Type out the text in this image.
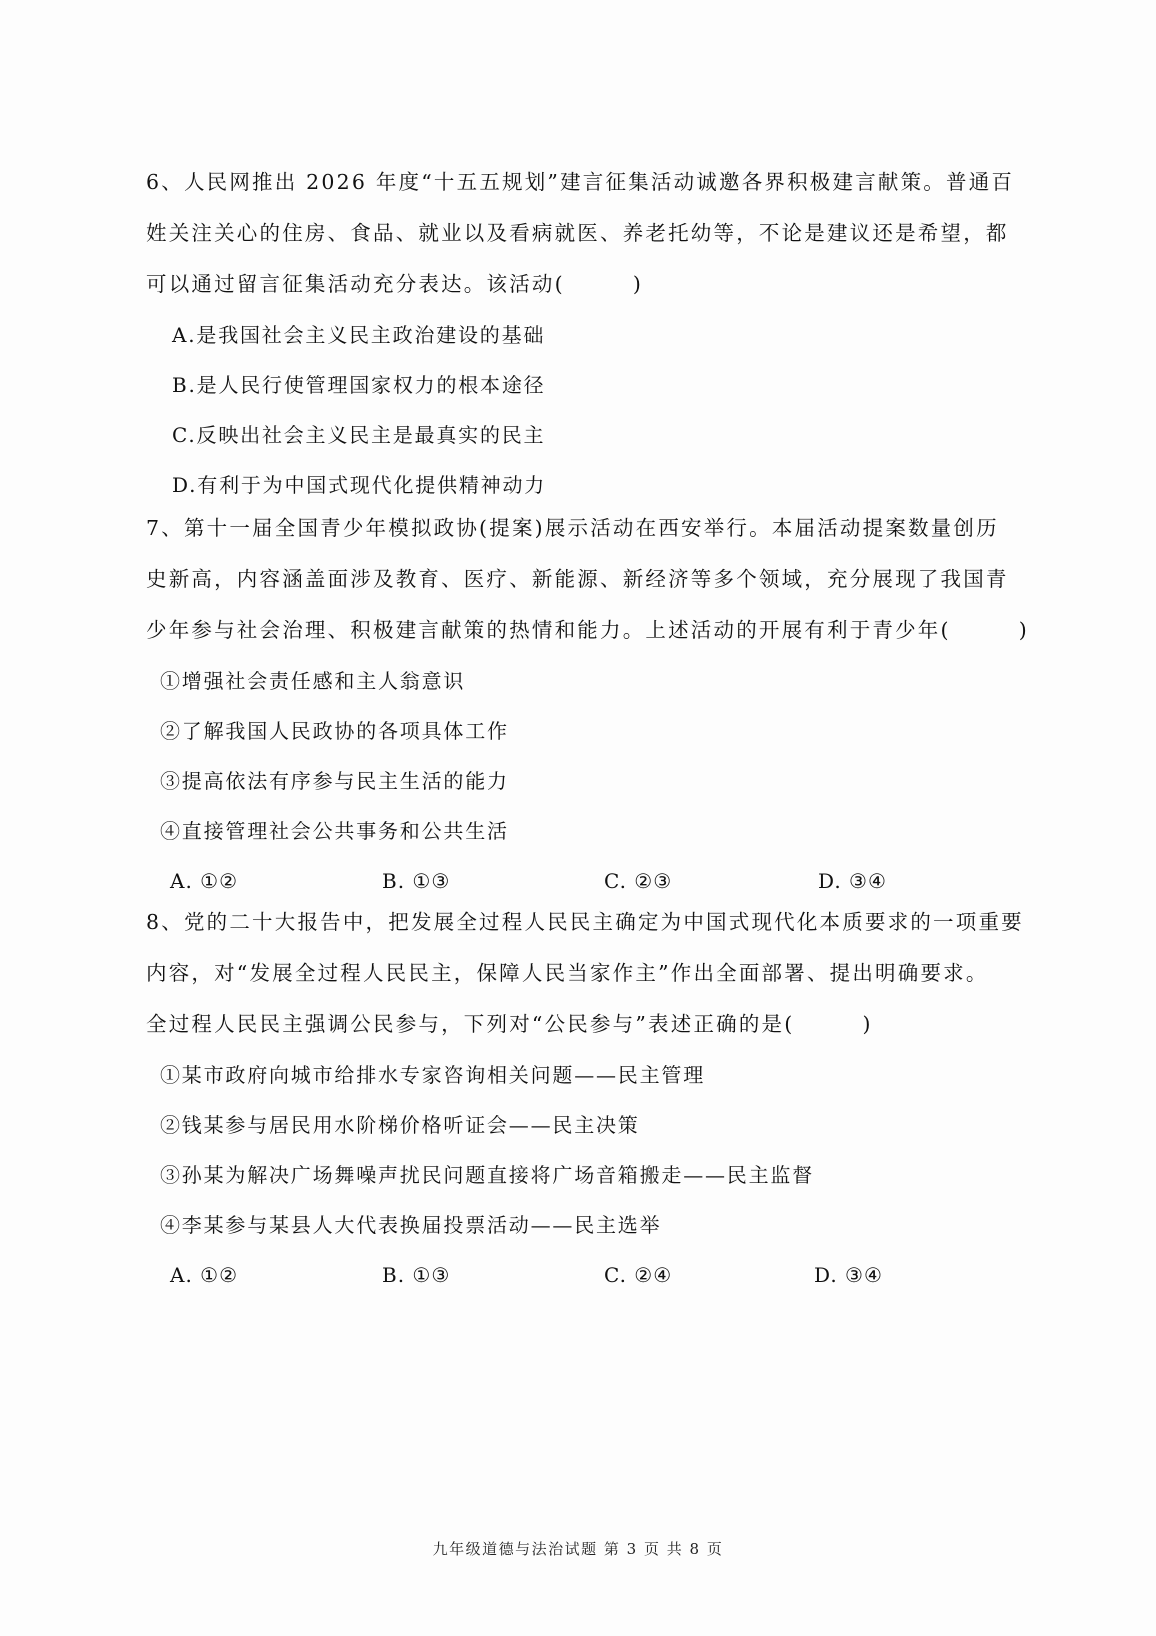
6、人民网推出 2026 年度“十五五规划”建言征集活动诚邀各界积极建言献策。普通百
姓关注关心的住房、食品、就业以及看病就医、养老托幼等，不论是建议还是希望，都
可以通过留言征集活动充分表达。该活动(　　　)

A.是我国社会主义民主政治建设的基础
B.是人民行使管理国家权力的根本途径
C.反映出社会主义民主是最真实的民主
D.有利于为中国式现代化提供精神动力

7、第十一届全国青少年模拟政协(提案)展示活动在西安举行。本届活动提案数量创历
史新高，内容涵盖面涉及教育、医疗、新能源、新经济等多个领域，充分展现了我国青
少年参与社会治理、积极建言献策的热情和能力。上述活动的开展有利于青少年(　　　)

①增强社会责任感和主人翁意识
②了解我国人民政协的各项具体工作
③提高依法有序参与民主生活的能力
④直接管理社会公共事务和公共生活
A. ①②	B. ①③	C. ②③	D. ③④

8、党的二十大报告中，把发展全过程人民民主确定为中国式现代化本质要求的一项重要
内容，对“发展全过程人民民主，保障人民当家作主”作出全面部署、提出明确要求。
全过程人民民主强调公民参与，下列对“公民参与”表述正确的是(　　　)

①某市政府向城市给排水专家咨询相关问题——民主管理
②钱某参与居民用水阶梯价格听证会——民主决策
③孙某为解决广场舞噪声扰民问题直接将广场音箱搬走——民主监督
④李某参与某县人大代表换届投票活动——民主选举
A. ①②	B. ①③	C. ②④	D. ③④
九年级道德与法治试题 第 3 页 共 8 页
